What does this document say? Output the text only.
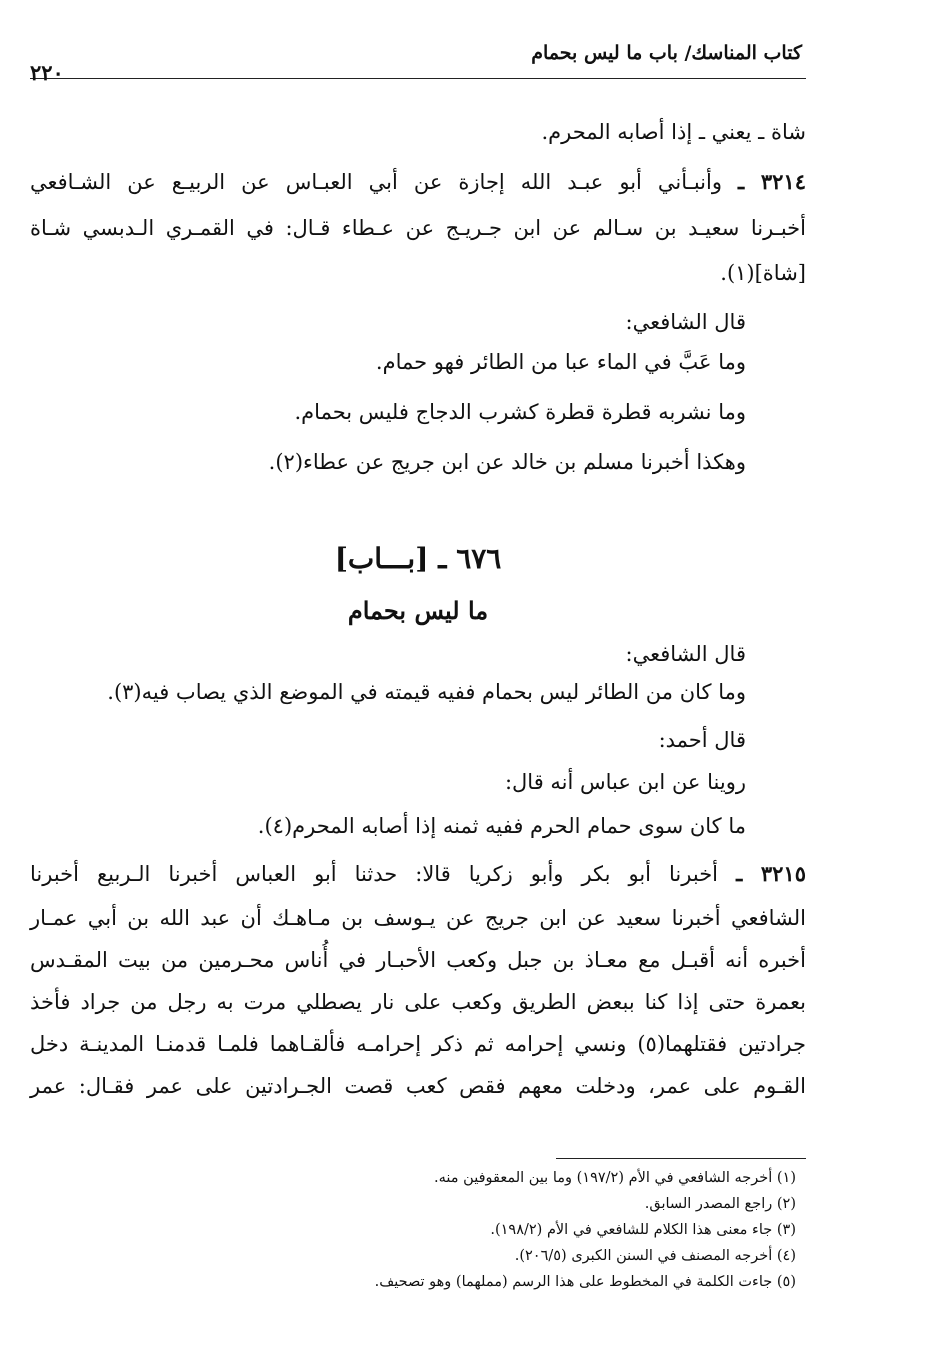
كتاب المناسك/ باب ما ليس بحمام
٢٢٠
شاة ـ يعني ـ إذا أصابه المحرم.
٣٢١٤ ـ وأنبـأني أبو عبـد الله إجازة عن أبي العبـاس عن الربيـع عن الشـافعي
أخبـرنا سعيـد بن سـالم عن ابن جـريـج عن عـطاء قـال: في القمـري الـدبسي شـاة
[شاة](١).
قال الشافعي:
وما عَبَّ في الماء عبا من الطائر فهو حمام.
وما نشربه قطرة قطرة كشرب الدجاج فليس بحمام.
وهكذا أخبرنا مسلم بن خالد عن ابن جريج عن عطاء(٢).
٦٧٦ ـ [بـــاب]
ما ليس بحمام
قال الشافعي:
وما كان من الطائر ليس بحمام ففيه قيمته في الموضع الذي يصاب فيه(٣).
قال أحمد:
روينا عن ابن عباس أنه قال:
ما كان سوى حمام الحرم ففيه ثمنه إذا أصابه المحرم(٤).
٣٢١٥ ـ أخبرنا أبو بكر وأبو زكريا قالا: حدثنا أبو العباس أخبرنا الـربيع أخبرنا
الشافعي أخبرنا سعيد عن ابن جريج عن يـوسف بن مـاهـك أن عبد الله بن أبي عمـار
أخبره أنه أقبـل مع معـاذ بن جبل وكعب الأحبـار في أُناس محـرمين من بيت المقـدس
بعمرة حتى إذا كنا ببعض الطريق وكعب على نار يصطلي مرت به رجل من جراد فأخذ
جرادتين فقتلهما(٥) ونسي إحرامه ثم ذكر إحرامـه فألقـاهما فلمـا قدمنـا المدينـة دخل
القـوم على عمر، ودخلت معهم فقص كعب قصت الجـرادتين على عمر فقـال: عمر
(١) أخرجه الشافعي في الأم (١٩٧/٢) وما بين المعقوفين منه.
(٢) راجع المصدر السابق.
(٣) جاء معنى هذا الكلام للشافعي في الأم (١٩٨/٢).
(٤) أخرجه المصنف في السنن الكبرى (٢٠٦/٥).
(٥) جاءت الكلمة في المخطوط على هذا الرسم (مملهما) وهو تصحيف.
